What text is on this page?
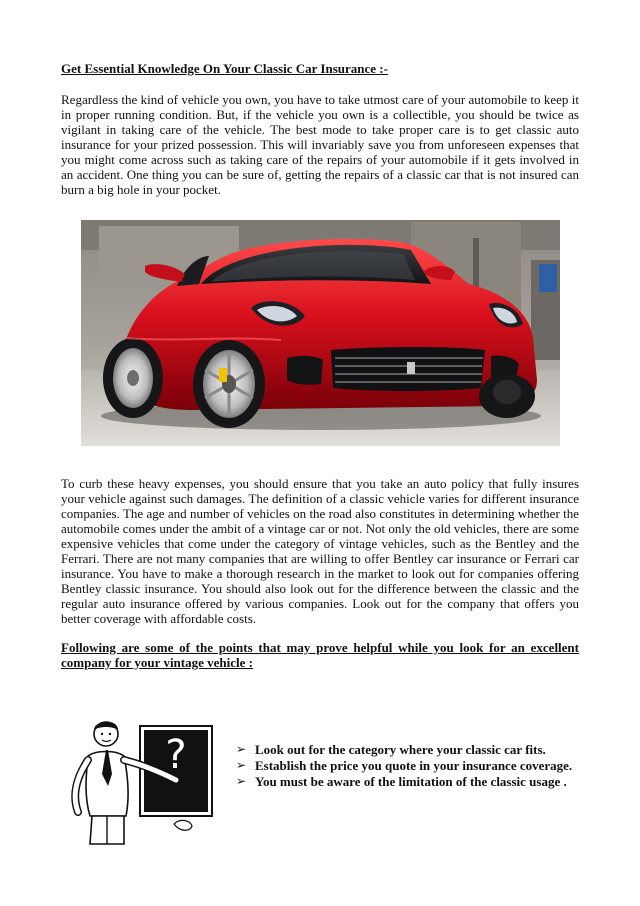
Get Essential Knowledge On Your Classic Car Insurance :-

Regardless the kind of vehicle you own, you have to take utmost care of your automobile to keep it in proper running condition. But, if the vehicle you own is a collectible, you should be twice as vigilant in taking care of the vehicle. The best mode to take proper care is to get classic auto insurance for your prized possession. This will invariably save you from unforeseen expenses that you might come across such as taking care of the repairs of your automobile if it gets involved in an accident. One thing you can be sure of, getting the repairs of a classic car that is not insured can burn a big hole in your pocket.

To curb these heavy expenses, you should ensure that you take an auto policy that fully insures your vehicle against such damages. The definition of a classic vehicle varies for different insurance companies. The age and number of vehicles on the road also constitutes in determining whether the automobile comes under the ambit of a vintage car or not. Not only the old vehicles, there are some expensive vehicles that come under the category of vintage vehicles, such as the Bentley and the Ferrari. There are not many companies that are willing to offer Bentley car insurance or Ferrari car insurance. You have to make a thorough research in the market to look out for companies offering Bentley classic insurance. You should also look out for the difference between the classic and the regular auto insurance offered by various companies. Look out for the company that offers you better coverage with affordable costs.

Following are some of the points that may prove helpful while you look for an excellent company for your vintage vehicle :

?	➢ Look out for the category where your classic car fits.
➢ Establish the price you quote in your insurance coverage.
➢ You must be aware of the limitation of the classic usage .
